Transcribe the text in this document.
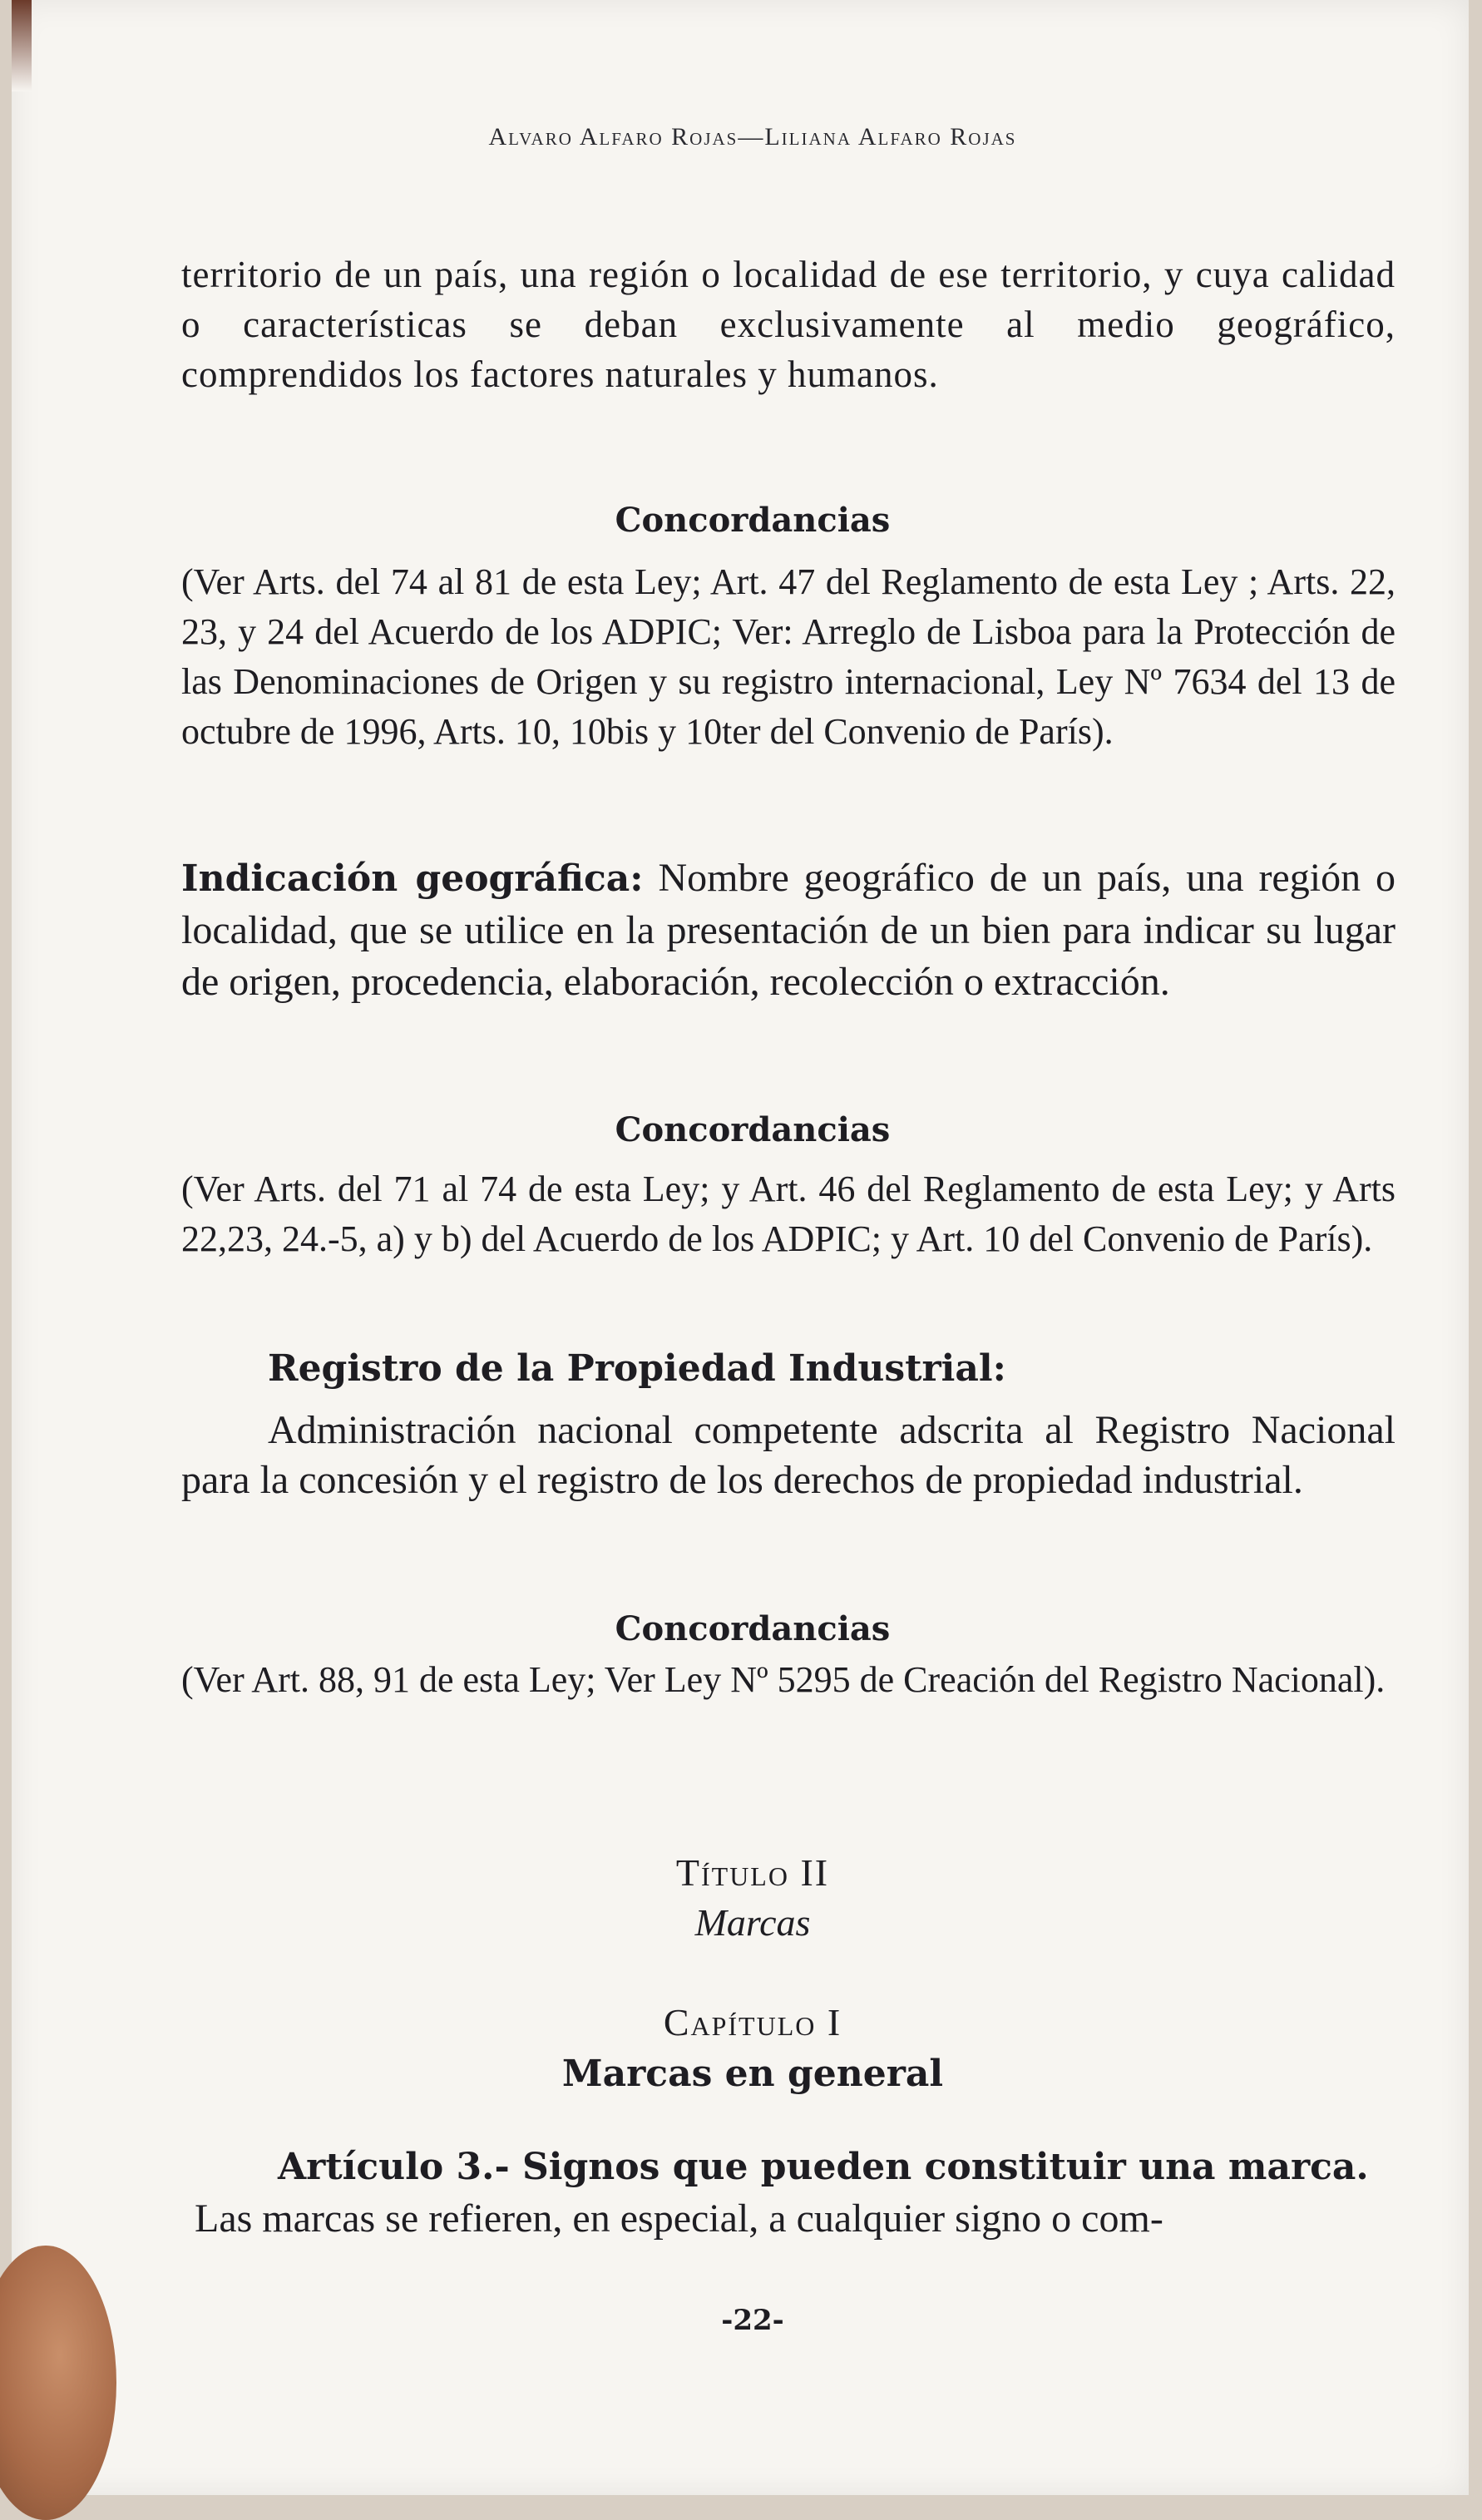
Alvaro Alfaro Rojas—Liliana Alfaro Rojas
territorio de un país, una región o localidad de ese territorio, y cuya calidad o características se deban exclusivamente al medio geográfico, comprendidos los factores naturales y humanos.
Concordancias
(Ver Arts. del 74 al 81 de esta Ley; Art. 47 del Reglamento de esta Ley ; Arts. 22, 23, y 24 del Acuerdo de los ADPIC; Ver: Arreglo de Lisboa para la Protección de las Denominaciones de Origen y su registro internacional, Ley Nº 7634 del 13 de octubre de 1996, Arts. 10, 10bis y 10ter del Convenio de París).
Indicación geográfica: Nombre geográfico de un país, una región o localidad, que se utilice en la presentación de un bien para indicar su lugar de origen, procedencia, elaboración, recolección o extracción.
Concordancias
(Ver Arts. del 71 al 74 de esta Ley; y Art. 46 del Reglamento de esta Ley; y Arts 22,23, 24.-5, a) y b) del Acuerdo de los ADPIC; y Art. 10 del Convenio de París).
Registro de la Propiedad Industrial:
Administración nacional competente adscrita al Registro Nacional para la concesión y el registro de los derechos de propiedad industrial.
Concordancias
(Ver Art. 88, 91 de esta Ley; Ver Ley Nº 5295 de Creación del Registro Nacional).
Título II
Marcas
Capítulo I
Marcas en general
Artículo 3.- Signos que pueden constituir una marca.
Las marcas se refieren, en especial, a cualquier signo o com-
-22-
